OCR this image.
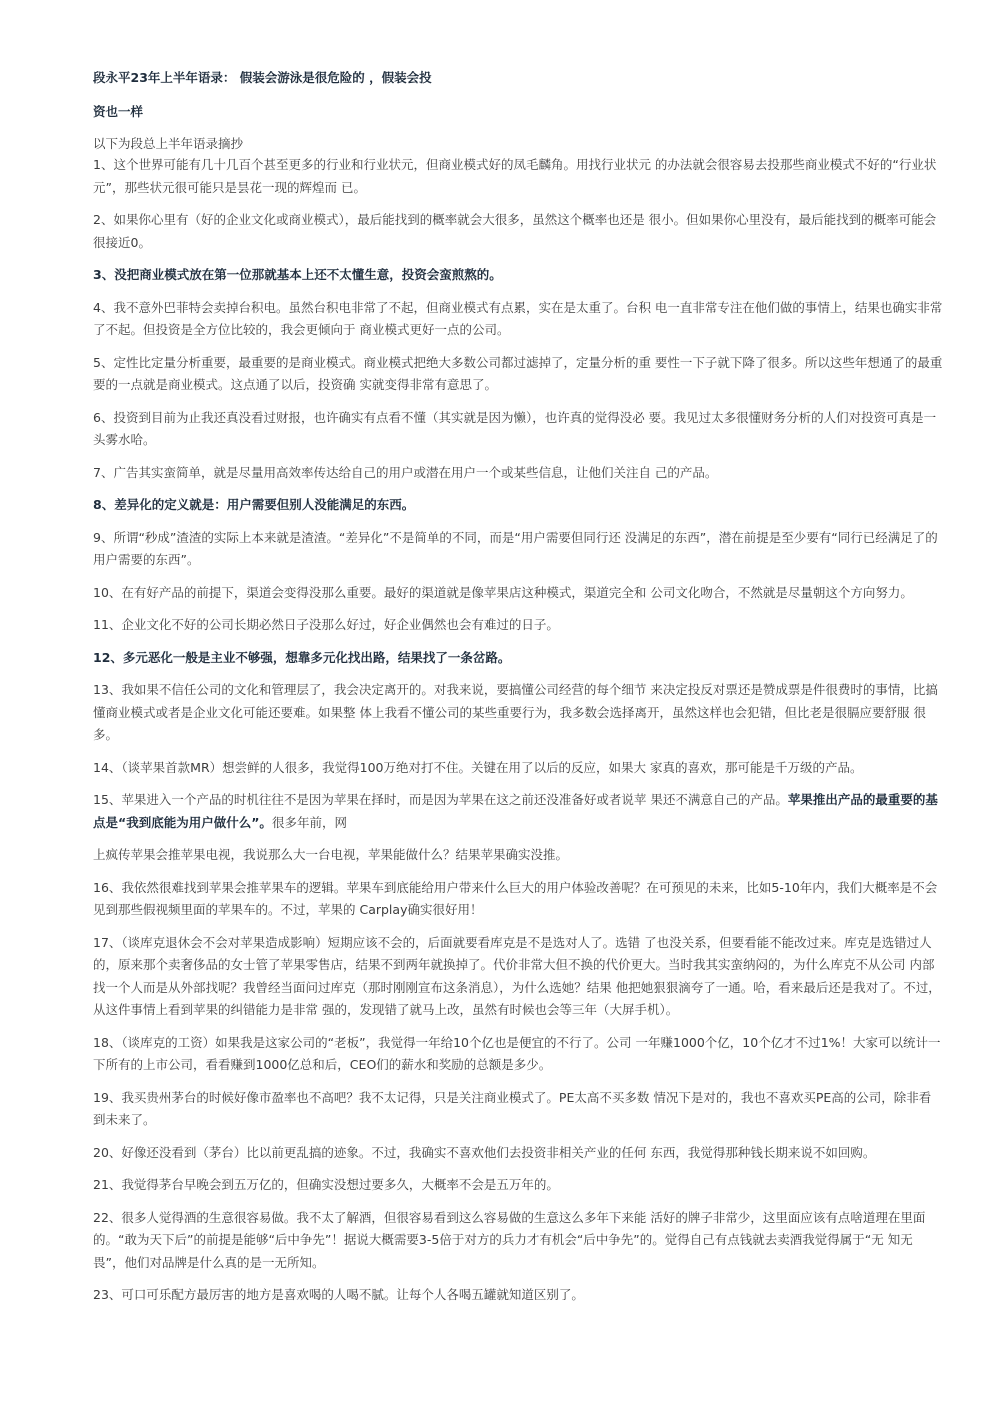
段永平23年上半年语录： 假装会游泳是很危险的 ，假装会投

资也一样

以下为段总上半年语录摘抄

1、这个世界可能有几十几百个甚至更多的行业和行业状元，但商业模式好的凤毛麟角。用找行业状元 的办法就会很容易去投那些商业模式不好的“行业状元”，那些状元很可能只是昙花一现的辉煌而 已。

2、如果你心里有（好的企业文化或商业模式），最后能找到的概率就会大很多，虽然这个概率也还是 很小。但如果你心里没有，最后能找到的概率可能会很接近0。

3、没把商业模式放在第一位那就基本上还不太懂生意，投资会蛮煎熬的。

4、我不意外巴菲特会卖掉台积电。虽然台积电非常了不起，但商业模式有点累，实在是太重了。台积 电一直非常专注在他们做的事情上，结果也确实非常了不起。但投资是全方位比较的，我会更倾向于 商业模式更好一点的公司。

5、定性比定量分析重要，最重要的是商业模式。商业模式把绝大多数公司都过滤掉了，定量分析的重 要性一下子就下降了很多。所以这些年想通了的最重要的一点就是商业模式。这点通了以后，投资确 实就变得非常有意思了。

6、投资到目前为止我还真没看过财报，也许确实有点看不懂（其实就是因为懒），也许真的觉得没必 要。我见过太多很懂财务分析的人们对投资可真是一头雾水哈。

7、广告其实蛮简单，就是尽量用高效率传达给自己的用户或潜在用户一个或某些信息，让他们关注自 己的产品。

8、差异化的定义就是：用户需要但别人没能满足的东西。

9、所谓“秒成”渣渣的实际上本来就是渣渣。“差异化”不是简单的不同，而是“用户需要但同行还 没满足的东西”，潜在前提是至少要有“同行已经满足了的用户需要的东西”。

10、在有好产品的前提下，渠道会变得没那么重要。最好的渠道就是像苹果店这种模式，渠道完全和 公司文化吻合，不然就是尽量朝这个方向努力。

11、企业文化不好的公司长期必然日子没那么好过，好企业偶然也会有难过的日子。

12、多元恶化一般是主业不够强，想靠多元化找出路，结果找了一条岔路。

13、我如果不信任公司的文化和管理层了，我会决定离开的。对我来说，要搞懂公司经营的每个细节 来决定投反对票还是赞成票是件很费时的事情，比搞懂商业模式或者是企业文化可能还要难。如果整 体上我看不懂公司的某些重要行为，我多数会选择离开，虽然这样也会犯错，但比老是很膈应要舒服 很多。

14、（谈苹果首款MR）想尝鲜的人很多，我觉得100万绝对打不住。关键在用了以后的反应，如果大 家真的喜欢，那可能是千万级的产品。

15、苹果进入一个产品的时机往往不是因为苹果在择时，而是因为苹果在这之前还没准备好或者说苹 果还不满意自己的产品。苹果推出产品的最重要的基点是“我到底能为用户做什么”。很多年前，网

上疯传苹果会推苹果电视，我说那么大一台电视，苹果能做什么？结果苹果确实没推。

16、我依然很难找到苹果会推苹果车的逻辑。苹果车到底能给用户带来什么巨大的用户体验改善呢？在可预见的未来，比如5-10年内，我们大概率是不会见到那些假视频里面的苹果车的。不过，苹果的 Carplay确实很好用！

17、（谈库克退休会不会对苹果造成影响）短期应该不会的，后面就要看库克是不是选对人了。选错 了也没关系，但要看能不能改过来。库克是选错过人的，原来那个卖奢侈品的女士管了苹果零售店，结果不到两年就换掉了。代价非常大但不换的代价更大。当时我其实蛮纳闷的，为什么库克不从公司 内部找一个人而是从外部找呢？我曾经当面问过库克（那时刚刚宣布这条消息），为什么选她？结果 他把她狠狠滴夸了一通。哈，看来最后还是我对了。不过，从这件事情上看到苹果的纠错能力是非常 强的，发现错了就马上改，虽然有时候也会等三年（大屏手机）。

18、（谈库克的工资）如果我是这家公司的“老板”，我觉得一年给10个亿也是便宜的不行了。公司 一年赚1000个亿，10个亿才不过1%！大家可以统计一下所有的上市公司，看看赚到1000亿总和后，CEO们的薪水和奖励的总额是多少。

19、我买贵州茅台的时候好像市盈率也不高吧？我不太记得，只是关注商业模式了。PE太高不买多数 情况下是对的，我也不喜欢买PE高的公司，除非看到未来了。

20、好像还没看到（茅台）比以前更乱搞的迹象。不过，我确实不喜欢他们去投资非相关产业的任何 东西，我觉得那种钱长期来说不如回购。

21、我觉得茅台早晚会到五万亿的，但确实没想过要多久，大概率不会是五万年的。

22、很多人觉得酒的生意很容易做。我不太了解酒，但很容易看到这么容易做的生意这么多年下来能 活好的牌子非常少，这里面应该有点啥道理在里面的。“敢为天下后”的前提是能够“后中争先”！据说大概需要3-5倍于对方的兵力才有机会“后中争先”的。觉得自己有点钱就去卖酒我觉得属于“无 知无畏”，他们对品牌是什么真的是一无所知。

23、可口可乐配方最厉害的地方是喜欢喝的人喝不腻。让每个人各喝五罐就知道区别了。
